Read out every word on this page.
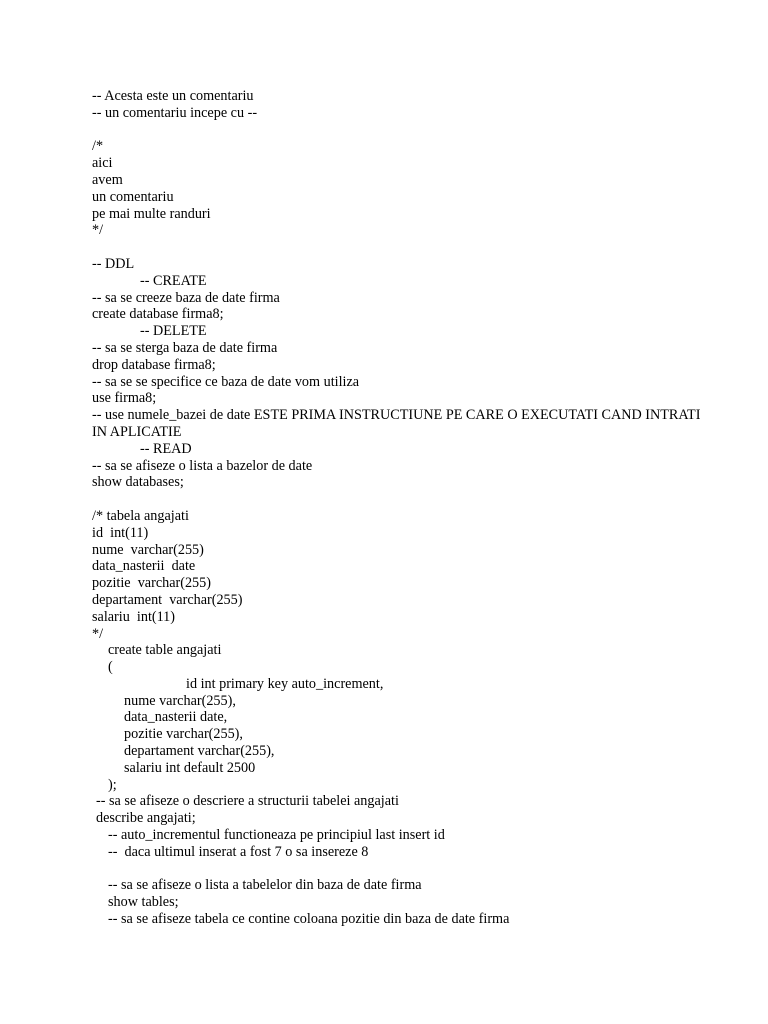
-- Acesta este un comentariu
-- un comentariu incepe cu --
/*
aici
avem
un comentariu
pe mai multe randuri
*/
-- DDL
-- CREATE
-- sa se creeze baza de date firma
create database firma8;
-- DELETE
-- sa se sterga baza de date firma
drop database firma8;
-- sa se se specifice ce baza de date vom utiliza
use firma8;
-- use numele_bazei de date ESTE PRIMA INSTRUCTIUNE PE CARE O EXECUTATI CAND INTRATI IN APLICATIE
-- READ
-- sa se afiseze o lista a bazelor de date
show databases;
/* tabela angajati
id  int(11)
nume  varchar(255)
data_nasterii  date
pozitie  varchar(255)
departament  varchar(255)
salariu  int(11)
*/
create table angajati
(
id int primary key auto_increment,
nume varchar(255),
data_nasterii date,
pozitie varchar(255),
departament varchar(255),
salariu int default 2500
);
-- sa se afiseze o descriere a structurii tabelei angajati
describe angajati;
-- auto_incrementul functioneaza pe principiul last insert id
--  daca ultimul inserat a fost 7 o sa insereze 8
-- sa se afiseze o lista a tabelelor din baza de date firma
show tables;
-- sa se afiseze tabela ce contine coloana pozitie din baza de date firma
